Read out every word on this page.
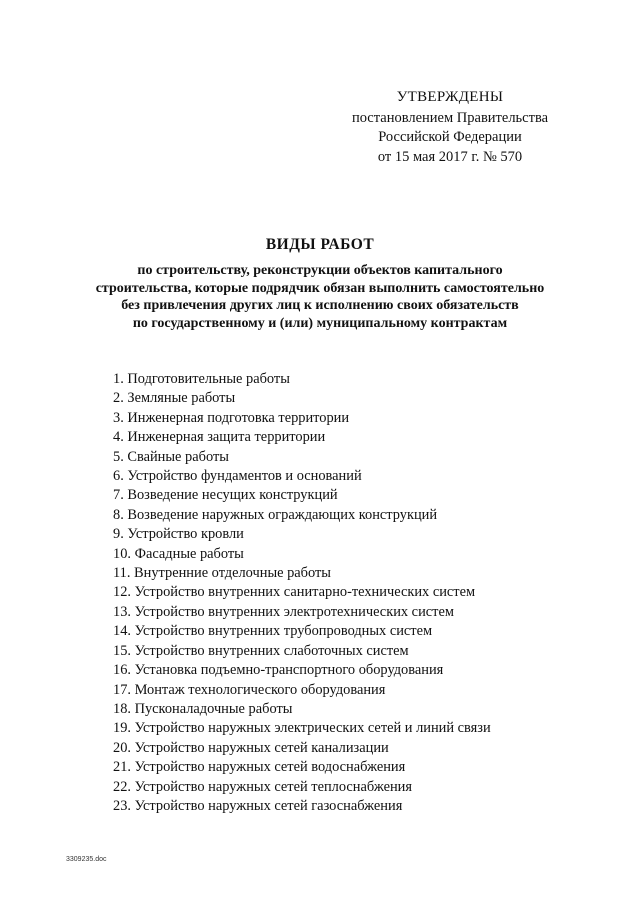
УТВЕРЖДЕНЫ
постановлением Правительства
Российской Федерации
от 15 мая 2017 г. № 570
ВИДЫ РАБОТ
по строительству, реконструкции объектов капитального
строительства, которые подрядчик обязан выполнить самостоятельно
без привлечения других лиц к исполнению своих обязательств
по государственному и (или) муниципальному контрактам
1. Подготовительные работы
2. Земляные работы
3. Инженерная подготовка территории
4. Инженерная защита территории
5. Свайные работы
6. Устройство фундаментов и оснований
7. Возведение несущих конструкций
8. Возведение наружных ограждающих конструкций
9. Устройство кровли
10. Фасадные работы
11. Внутренние отделочные работы
12. Устройство внутренних санитарно-технических систем
13. Устройство внутренних электротехнических систем
14. Устройство внутренних трубопроводных систем
15. Устройство внутренних слаботочных систем
16. Установка подъемно-транспортного оборудования
17. Монтаж технологического оборудования
18. Пусконаладочные работы
19. Устройство наружных электрических сетей и линий связи
20. Устройство наружных сетей канализации
21. Устройство наружных сетей водоснабжения
22. Устройство наружных сетей теплоснабжения
23. Устройство наружных сетей газоснабжения
3309235.doc
